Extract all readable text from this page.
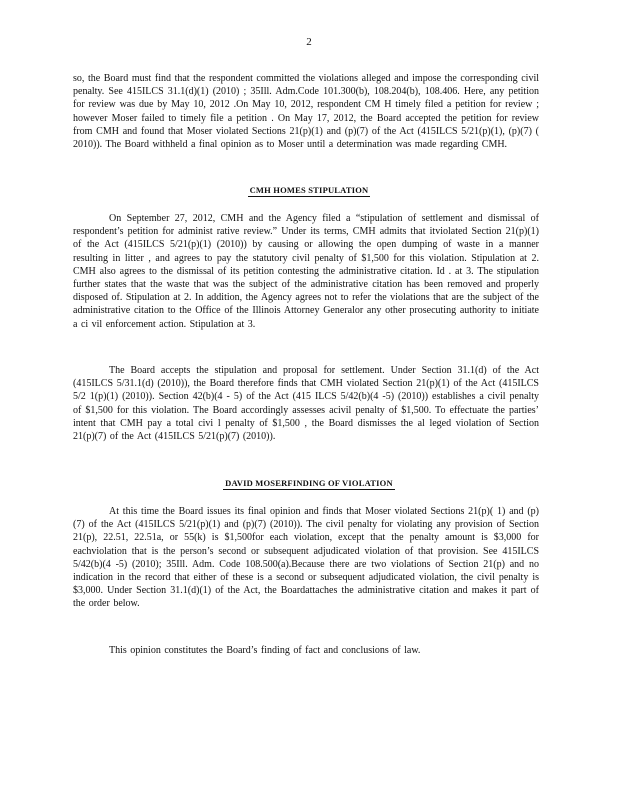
2

so, the Board must find that the respondent committed the violations alleged and impose the corresponding civil penalty. See 415ILCS 31.1(d)(1) (2010) ; 35Ill. Adm.Code 101.300(b), 108.204(b), 108.406. Here, any petition for review was due by May 10, 2012 .On May 10, 2012, respondent CM H timely filed a petition for review ; however Moser failed to timely file a petition . On May 17, 2012, the Board accepted the petition for review from CMH and found that Moser violated Sections 21(p)(1) and (p)(7) of the Act (415ILCS 5/21(p)(1), (p)(7) ( 2010)). The Board withheld a final opinion as to Moser until a determination was made regarding CMH.

CMH HOMES STIPULATION

On September 27, 2012, CMH and the Agency filed a “stipulation of settlement and dismissal of respondent’s petition for administ rative review.” Under its terms, CMH admits that itviolated Section 21(p)(1) of the Act (415ILCS 5/21(p)(1) (2010)) by causing or allowing the open dumping of waste in a manner resulting in litter , and agrees to pay the statutory civil penalty of $1,500 for this violation. Stipulation at 2. CMH also agrees to the dismissal of its petition contesting the administrative citation. Id . at 3. The stipulation further states that the waste that was the subject of the administrative citation has been removed and properly disposed of. Stipulation at 2. In addition, the Agency agrees not to refer the violations that are the subject of the administrative citation to the Office of the Illinois Attorney Generalor any other prosecuting authority to initiate a ci vil enforcement action. Stipulation at 3.

The Board accepts the stipulation and proposal for settlement. Under Section 31.1(d) of the Act (415ILCS 5/31.1(d) (2010)), the Board therefore finds that CMH violated Section 21(p)(1) of the Act (415ILCS 5/2 1(p)(1) (2010)). Section 42(b)(4 - 5) of the Act (415 ILCS 5/42(b)(4 -5) (2010)) establishes a civil penalty of $1,500 for this violation. The Board accordingly assesses acivil penalty of $1,500. To effectuate the parties’ intent that CMH pay a total civi l penalty of $1,500 , the Board dismisses the al leged violation of Section 21(p)(7) of the Act (415ILCS 5/21(p)(7) (2010)).

DAVID MOSERFINDING OF VIOLATION

At this time the Board issues its final opinion and finds that Moser violated Sections 21(p)( 1) and (p)(7) of the Act (415ILCS 5/21(p)(1) and (p)(7) (2010)). The civil penalty for violating any provision of Section 21(p), 22.51, 22.51a, or 55(k) is $1,500for each violation, except that the penalty amount is $3,000 for eachviolation that is the person’s second or subsequent adjudicated violation of that provision. See 415ILCS 5/42(b)(4 -5) (2010); 35Ill. Adm. Code 108.500(a).Because there are two violations of Section 21(p) and no indication in the record that either of these is a second or subsequent adjudicated violation, the civil penalty is $3,000. Under Section 31.1(d)(1) of the Act, the Boardattaches the administrative citation and makes it part of the order below.

This opinion constitutes the Board’s finding of fact and conclusions of law.
